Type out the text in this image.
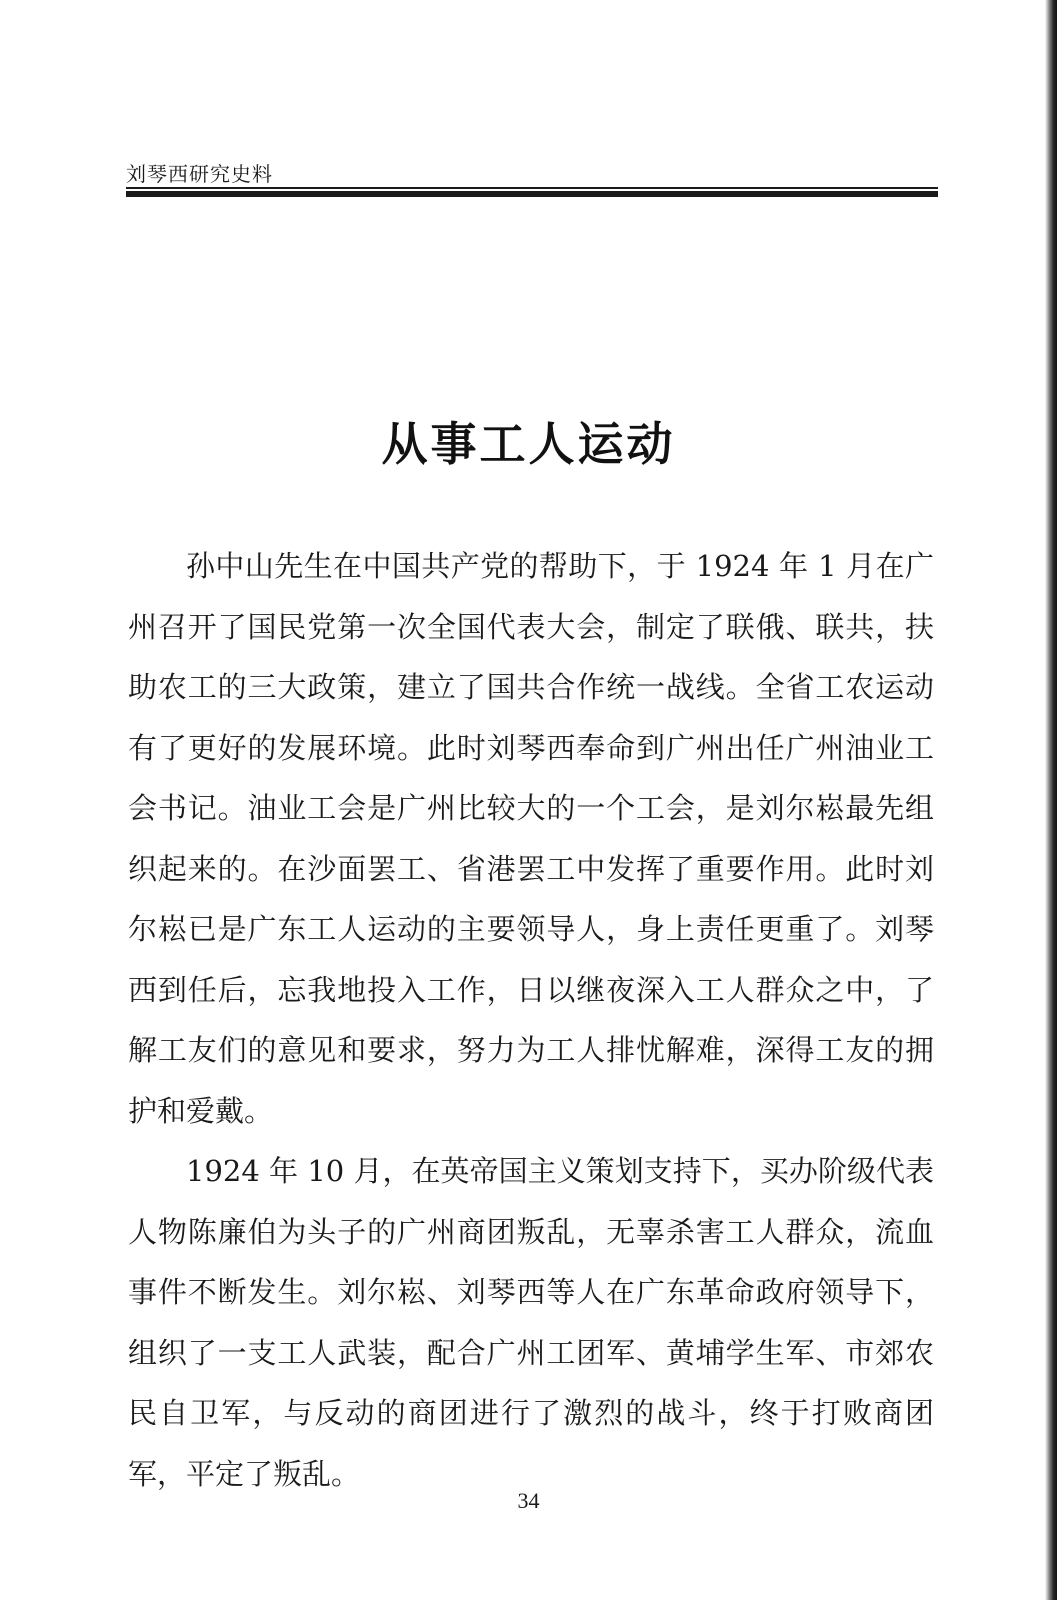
刘琴西研究史料
从事工人运动

孙中山先生在中国共产党的帮助下，于 1924 年 1 月在广州召开了国民党第一次全国代表大会，制定了联俄、联共，扶助农工的三大政策，建立了国共合作统一战线。全省工农运动有了更好的发展环境。此时刘琴西奉命到广州出任广州油业工会书记。油业工会是广州比较大的一个工会，是刘尔崧最先组织起来的。在沙面罢工、省港罢工中发挥了重要作用。此时刘尔崧已是广东工人运动的主要领导人，身上责任更重了。刘琴西到任后，忘我地投入工作，日以继夜深入工人群众之中，了解工友们的意见和要求，努力为工人排忧解难，深得工友的拥护和爱戴。

1924 年 10 月，在英帝国主义策划支持下，买办阶级代表人物陈廉伯为头子的广州商团叛乱，无辜杀害工人群众，流血事件不断发生。刘尔崧、刘琴西等人在广东革命政府领导下，组织了一支工人武装，配合广州工团军、黄埔学生军、市郊农民自卫军，与反动的商团进行了激烈的战斗，终于打败商团军，平定了叛乱。

34
